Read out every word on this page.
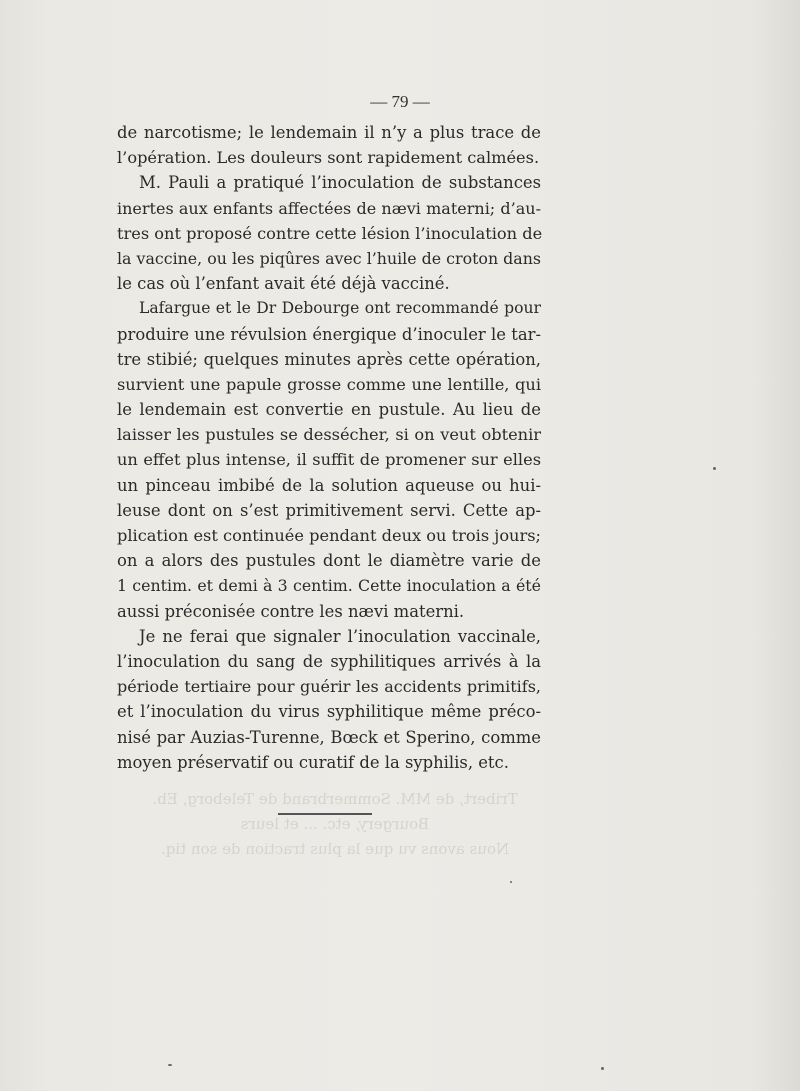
Tribert, de MM. Sommerbrand de Teleborg, Eb.
Bourgery, etc. ... et leurs
Nous avons vu que la plus traction de son tiq.
— 79 —
de narcotisme; le lendemain il n’y a plus trace de
l’opération. Les douleurs sont rapidement calmées.
M. Pauli a pratiqué l’inoculation de substances
inertes aux enfants affectées de nævi materni; d’au-
tres ont proposé contre cette lésion l’inoculation de
la vaccine, ou les piqûres avec l’huile de croton dans
le cas où l’enfant avait été déjà vacciné.
Lafargue et le Dr Debourge ont recommandé pour
produire une révulsion énergique d’inoculer le tar-
tre stibié; quelques minutes après cette opération,
survient une papule grosse comme une lentille, qui
le lendemain est convertie en pustule. Au lieu de
laisser les pustules se dessécher, si on veut obtenir
un effet plus intense, il suffit de promener sur elles
un pinceau imbibé de la solution aqueuse ou hui-
leuse dont on s’est primitivement servi. Cette ap-
plication est continuée pendant deux ou trois jours;
on a alors des pustules dont le diamètre varie de
1 centim. et demi à 3 centim. Cette inoculation a été
aussi préconisée contre les nævi materni.
Je ne ferai que signaler l’inoculation vaccinale,
l’inoculation du sang de syphilitiques arrivés à la
période tertiaire pour guérir les accidents primitifs,
et l’inoculation du virus syphilitique même préco-
nisé par Auzias-Turenne, Bœck et Sperino, comme
moyen préservatif ou curatif de la syphilis, etc.
